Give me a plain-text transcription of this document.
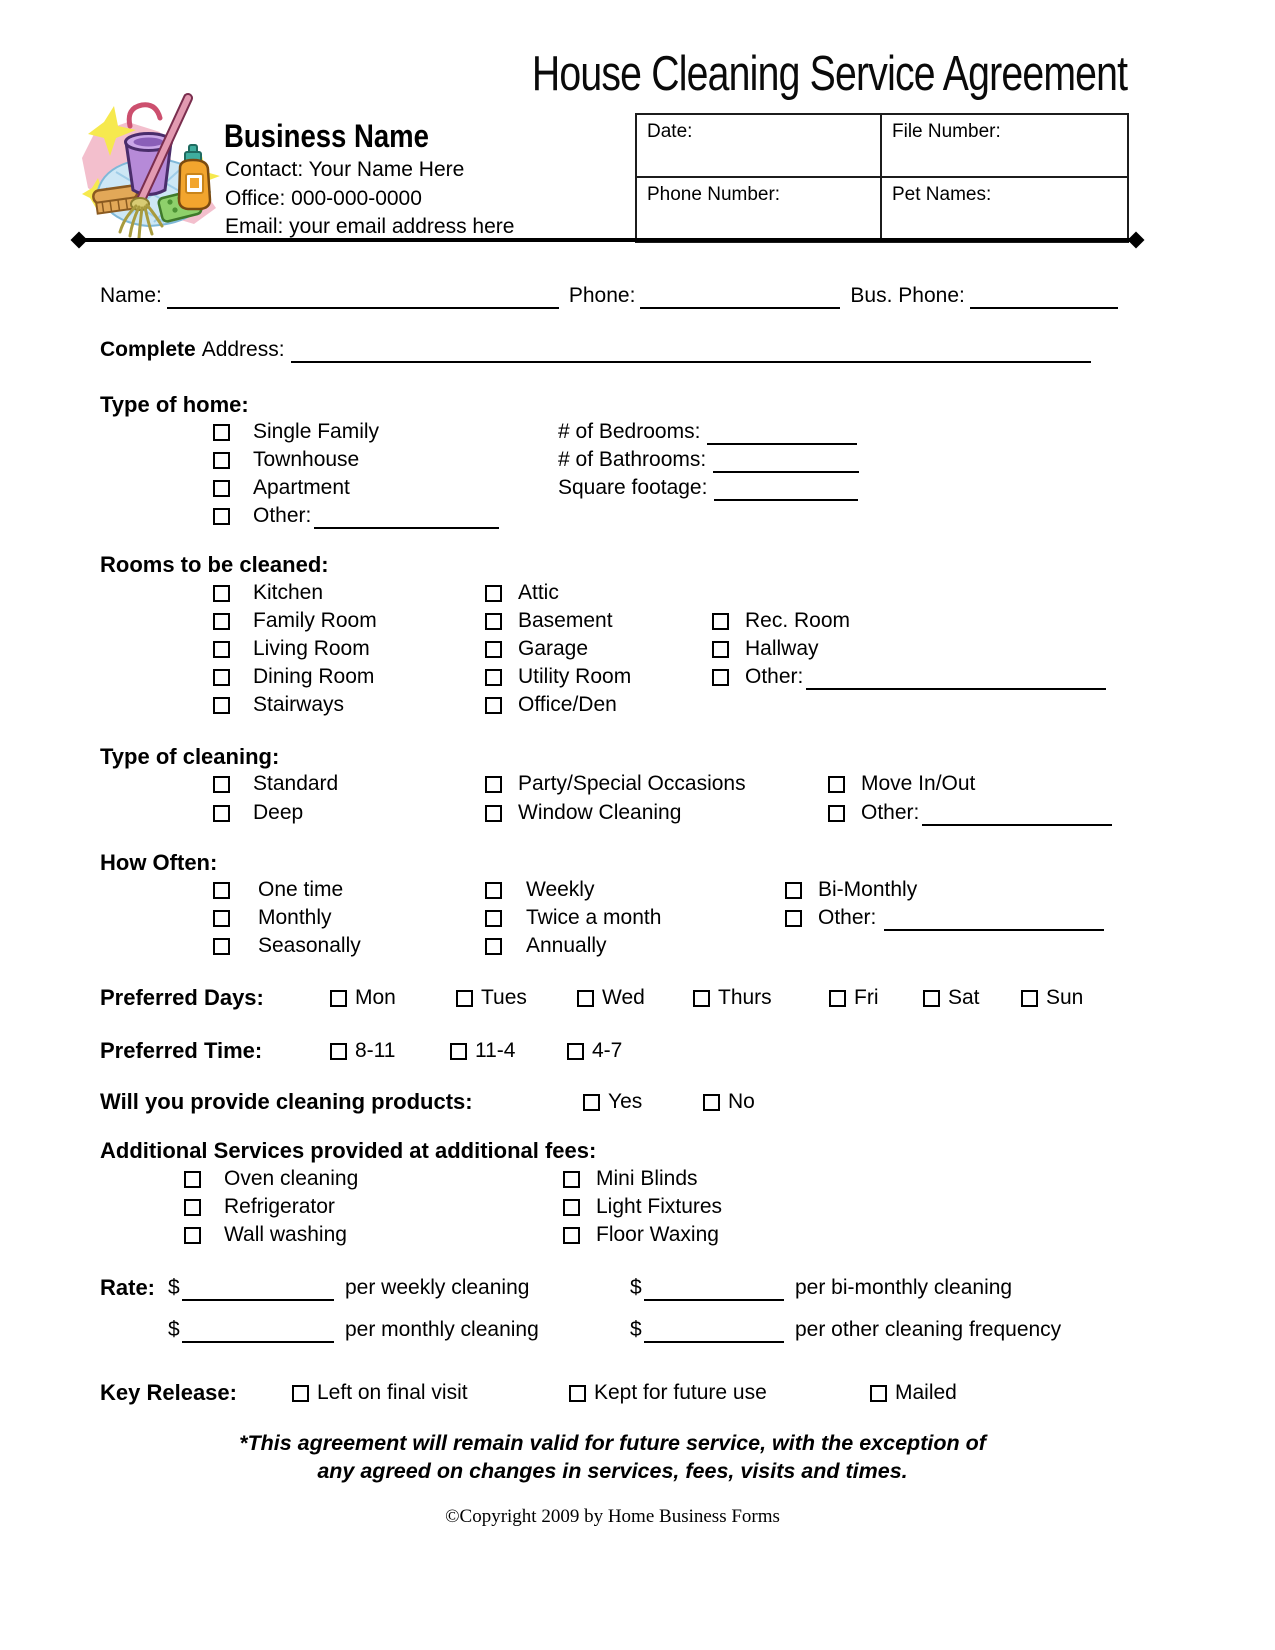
House Cleaning Service Agreement
Business Name
Contact: Your Name Here
Office: 000-000-0000
Email: your email address here
Date:	File Number:
Phone Number:	Pet Names:
Name:	Phone:	Bus. Phone:
Complete Address:
Type of home:
Single Family
Townhouse
Apartment
Other:
# of Bedrooms:
# of Bathrooms:
Square footage:
Rooms to be cleaned:
Kitchen
Family Room
Living Room
Dining Room
Stairways
Attic
Basement
Garage
Utility Room
Office/Den
Rec. Room
Hallway
Other:
Type of cleaning:
Standard
Deep
Party/Special Occasions
Window Cleaning
Move In/Out
Other:
How Often:
One time
Monthly
Seasonally
Weekly
Twice a month
Annually
Bi-Monthly
Other:
Preferred Days:	Mon	Tues	Wed	Thurs	Fri	Sat	Sun
Preferred Time:	8-11	11-4	4-7
Will you provide cleaning products:	Yes	No
Additional Services provided at additional fees:
Oven cleaning
Refrigerator
Wall washing
Mini Blinds
Light Fixtures
Floor Waxing
Rate: $	per weekly cleaning	$	per bi-monthly cleaning
$	per monthly cleaning	$	per other cleaning frequency
Key Release:	Left on final visit	Kept for future use	Mailed
*This agreement will remain valid for future service, with the exception of
any agreed on changes in services, fees, visits and times.
©Copyright 2009 by Home Business Forms
